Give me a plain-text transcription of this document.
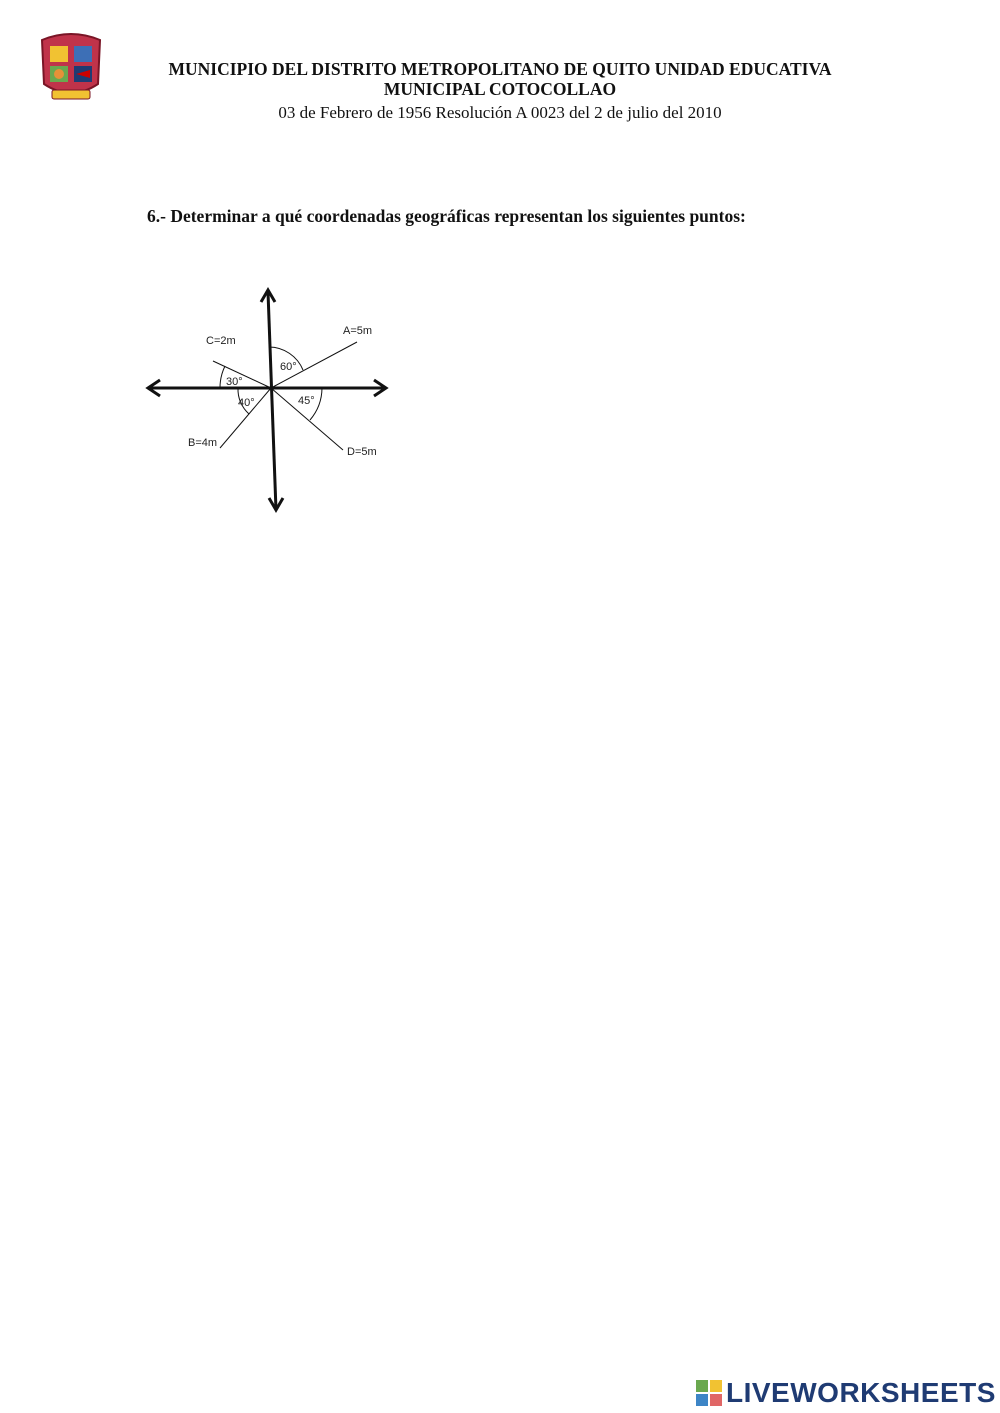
MUNICIPIO DEL DISTRITO METROPOLITANO DE QUITO UNIDAD EDUCATIVA
MUNICIPAL COTOCOLLAO
03 de Febrero de 1956 Resolución A 0023 del 2 de julio del 2010
6.- Determinar a qué coordenadas geográficas representan los siguientes puntos:
A=5m
C=2m
B=4m
D=5m
60°
30°
40°	45°
LIVEWORKSHEETS
